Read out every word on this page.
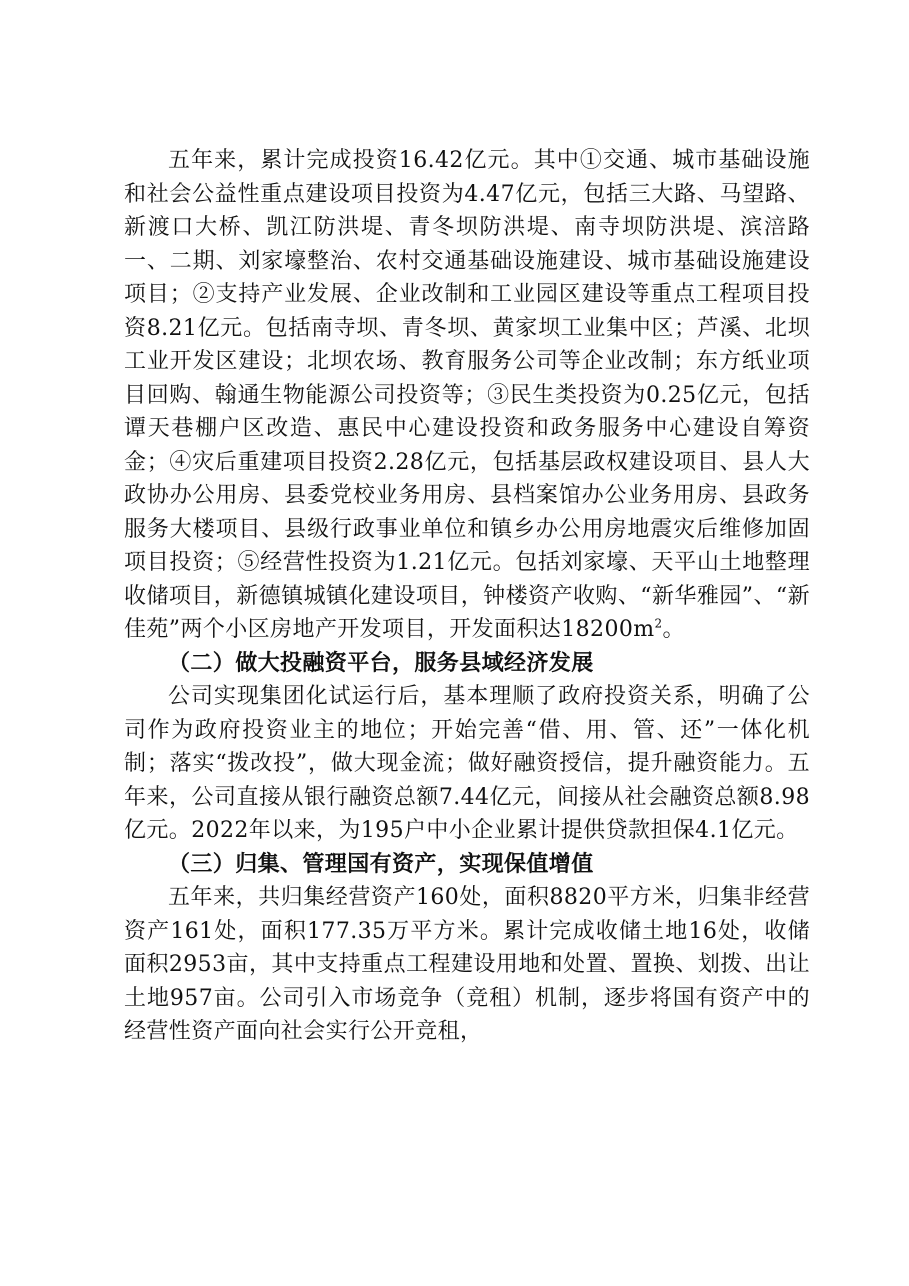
五年来，累计完成投资16.42亿元。其中①交通、城市基础设施和社会公益性重点建设项目投资为4.47亿元，包括三大路、马望路、新渡口大桥、凯江防洪堤、青冬坝防洪堤、南寺坝防洪堤、滨涪路一、二期、刘家壕整治、农村交通基础设施建设、城市基础设施建设项目；②支持产业发展、企业改制和工业园区建设等重点工程项目投资8.21亿元。包括南寺坝、青冬坝、黄家坝工业集中区；芦溪、北坝工业开发区建设；北坝农场、教育服务公司等企业改制；东方纸业项目回购、翰通生物能源公司投资等；③民生类投资为0.25亿元，包括谭天巷棚户区改造、惠民中心建设投资和政务服务中心建设自筹资金；④灾后重建项目投资2.28亿元，包括基层政权建设项目、县人大政协办公用房、县委党校业务用房、县档案馆办公业务用房、县政务服务大楼项目、县级行政事业单位和镇乡办公用房地震灾后维修加固项目投资；⑤经营性投资为1.21亿元。包括刘家壕、天平山土地整理收储项目，新德镇城镇化建设项目，钟楼资产收购、“新华雅园”、“新佳苑”两个小区房地产开发项目，开发面积达$18200m^2$。

（二）做大投融资平台，服务县域经济发展

公司实现集团化试运行后，基本理顺了政府投资关系，明确了公司作为政府投资业主的地位；开始完善“借、用、管、还”一体化机制；落实“拨改投”，做大现金流；做好融资授信，提升融资能力。五年来，公司直接从银行融资总额7.44亿元，间接从社会融资总额8.98亿元。2022年以来，为195户中小企业累计提供贷款担保4.1亿元。

（三）归集、管理国有资产，实现保值增值

五年来，共归集经营资产160处，面积8820平方米，归集非经营资产161处，面积177.35万平方米。累计完成收储土地16处，收储面积2953亩，其中支持重点工程建设用地和处置、置换、划拨、出让土地957亩。公司引入市场竞争（竞租）机制，逐步将国有资产中的经营性资产面向社会实行公开竞租，
